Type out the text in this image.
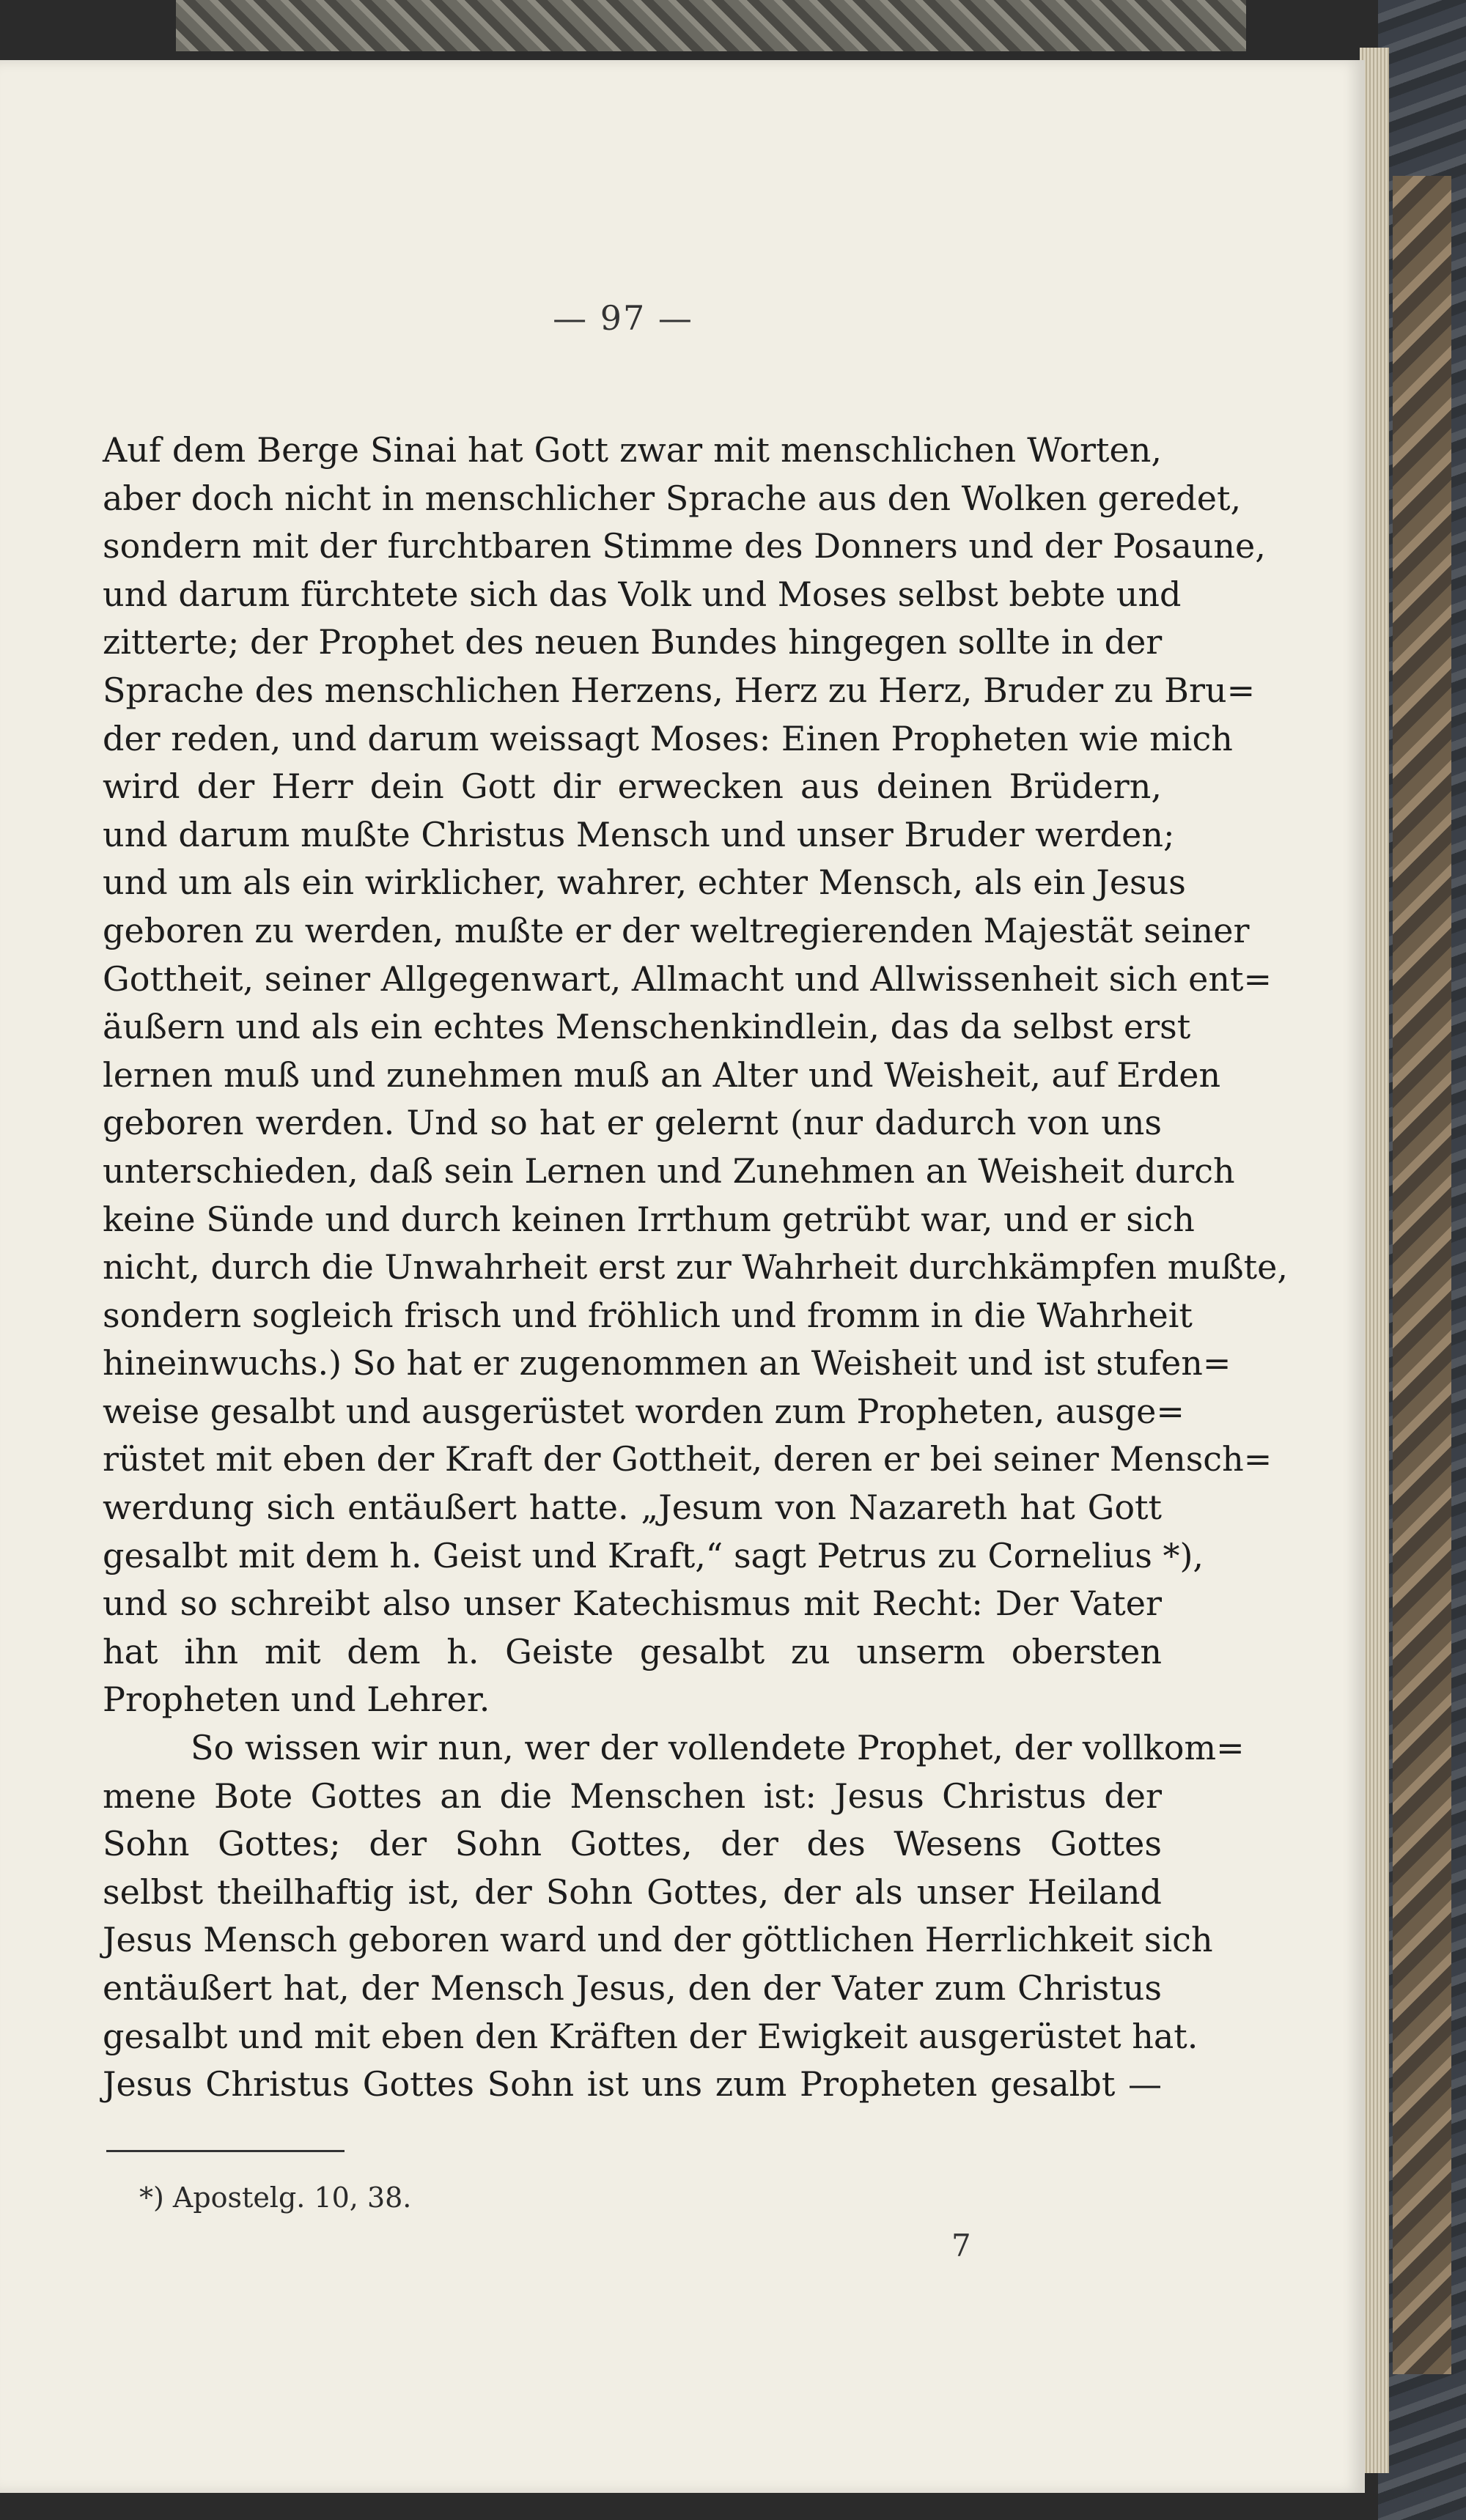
— 97 —
Auf dem Berge Sinai hat Gott zwar mit menschlichen Worten,
aber doch nicht in menschlicher Sprache aus den Wolken geredet,
sondern mit der furchtbaren Stimme des Donners und der Posaune,
und darum fürchtete sich das Volk und Moses selbst bebte und
zitterte; der Prophet des neuen Bundes hingegen sollte in der
Sprache des menschlichen Herzens, Herz zu Herz, Bruder zu Bru=
der reden, und darum weissagt Moses: Einen Propheten wie mich
wird der Herr dein Gott dir erwecken aus deinen Brüdern,
und darum mußte Christus Mensch und unser Bruder werden;
und um als ein wirklicher, wahrer, echter Mensch, als ein Jesus
geboren zu werden, mußte er der weltregierenden Majestät seiner
Gottheit, seiner Allgegenwart, Allmacht und Allwissenheit sich ent=
äußern und als ein echtes Menschenkindlein, das da selbst erst
lernen muß und zunehmen muß an Alter und Weisheit, auf Erden
geboren werden. Und so hat er gelernt (nur dadurch von uns
unterschieden, daß sein Lernen und Zunehmen an Weisheit durch
keine Sünde und durch keinen Irrthum getrübt war, und er sich
nicht, durch die Unwahrheit erst zur Wahrheit durchkämpfen mußte,
sondern sogleich frisch und fröhlich und fromm in die Wahrheit
hineinwuchs.) So hat er zugenommen an Weisheit und ist stufen=
weise gesalbt und ausgerüstet worden zum Propheten, ausge=
rüstet mit eben der Kraft der Gottheit, deren er bei seiner Mensch=
werdung sich entäußert hatte. „Jesum von Nazareth hat Gott
gesalbt mit dem h. Geist und Kraft,“ sagt Petrus zu Cornelius *),
und so schreibt also unser Katechismus mit Recht: Der Vater
hat ihn mit dem h. Geiste gesalbt zu unserm obersten
Propheten und Lehrer.
So wissen wir nun, wer der vollendete Prophet, der vollkom=
mene Bote Gottes an die Menschen ist: Jesus Christus der
Sohn Gottes; der Sohn Gottes, der des Wesens Gottes
selbst theilhaftig ist, der Sohn Gottes, der als unser Heiland
Jesus Mensch geboren ward und der göttlichen Herrlichkeit sich
entäußert hat, der Mensch Jesus, den der Vater zum Christus
gesalbt und mit eben den Kräften der Ewigkeit ausgerüstet hat.
Jesus Christus Gottes Sohn ist uns zum Propheten gesalbt —
*) Apostelg. 10, 38.
7
